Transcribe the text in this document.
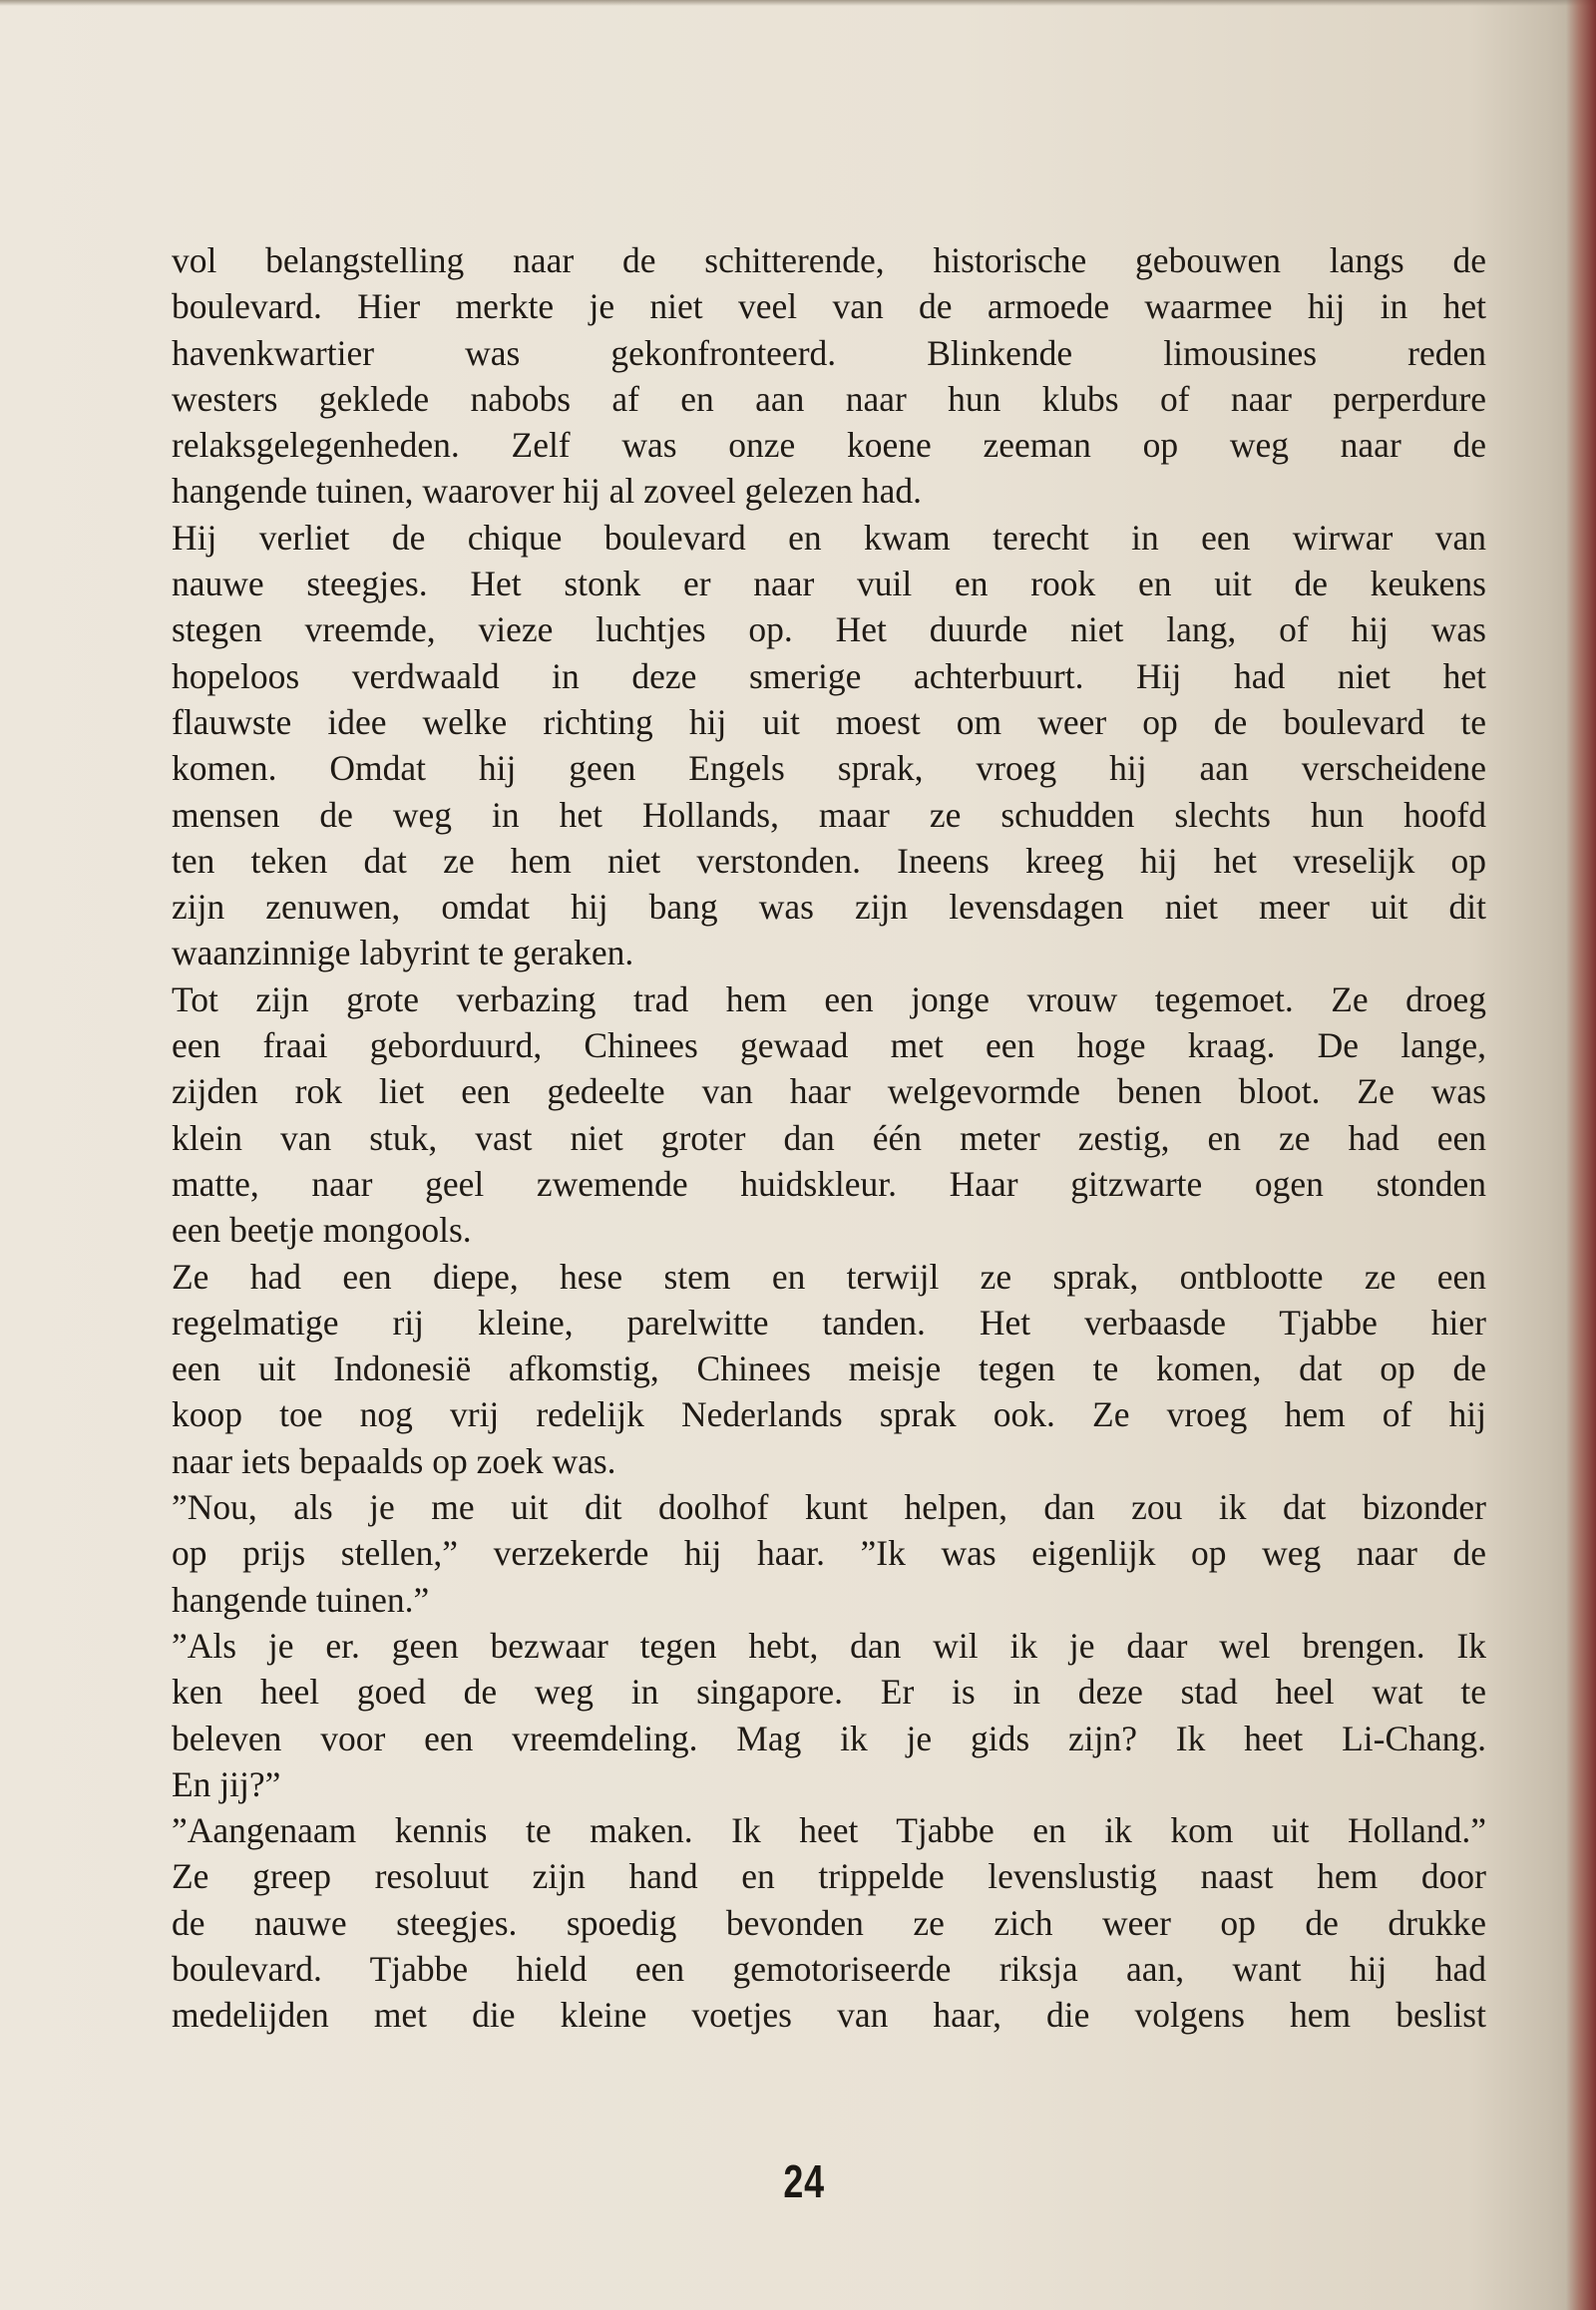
vol belangstelling naar de schitterende, historische gebouwen langs de
boulevard. Hier merkte je niet veel van de armoede waarmee hij in het
havenkwartier was gekonfronteerd. Blinkende limousines reden
westers geklede nabobs af en aan naar hun klubs of naar perperdure
relaksgelegenheden. Zelf was onze koene zeeman op weg naar de
hangende tuinen, waarover hij al zoveel gelezen had.
Hij verliet de chique boulevard en kwam terecht in een wirwar van
nauwe steegjes. Het stonk er naar vuil en rook en uit de keukens
stegen vreemde, vieze luchtjes op. Het duurde niet lang, of hij was
hopeloos verdwaald in deze smerige achterbuurt. Hij had niet het
flauwste idee welke richting hij uit moest om weer op de boulevard te
komen. Omdat hij geen Engels sprak, vroeg hij aan verscheidene
mensen de weg in het Hollands, maar ze schudden slechts hun hoofd
ten teken dat ze hem niet verstonden. Ineens kreeg hij het vreselijk op
zijn zenuwen, omdat hij bang was zijn levensdagen niet meer uit dit
waanzinnige labyrint te geraken.
Tot zijn grote verbazing trad hem een jonge vrouw tegemoet. Ze droeg
een fraai geborduurd, Chinees gewaad met een hoge kraag. De lange,
zijden rok liet een gedeelte van haar welgevormde benen bloot. Ze was
klein van stuk, vast niet groter dan één meter zestig, en ze had een
matte, naar geel zwemende huidskleur. Haar gitzwarte ogen stonden
een beetje mongools.
Ze had een diepe, hese stem en terwijl ze sprak, ontblootte ze een
regelmatige rij kleine, parelwitte tanden. Het verbaasde Tjabbe hier
een uit Indonesië afkomstig, Chinees meisje tegen te komen, dat op de
koop toe nog vrij redelijk Nederlands sprak ook. Ze vroeg hem of hij
naar iets bepaalds op zoek was.
”Nou, als je me uit dit doolhof kunt helpen, dan zou ik dat bizonder
op prijs stellen,” verzekerde hij haar. ”Ik was eigenlijk op weg naar de
hangende tuinen.”
”Als je er. geen bezwaar tegen hebt, dan wil ik je daar wel brengen. Ik
ken heel goed de weg in singapore. Er is in deze stad heel wat te
beleven voor een vreemdeling. Mag ik je gids zijn? Ik heet Li-Chang.
En jij?”
”Aangenaam kennis te maken. Ik heet Tjabbe en ik kom uit Holland.”
Ze greep resoluut zijn hand en trippelde levenslustig naast hem door
de nauwe steegjes. spoedig bevonden ze zich weer op de drukke
boulevard. Tjabbe hield een gemotoriseerde riksja aan, want hij had
medelijden met die kleine voetjes van haar, die volgens hem beslist
24
